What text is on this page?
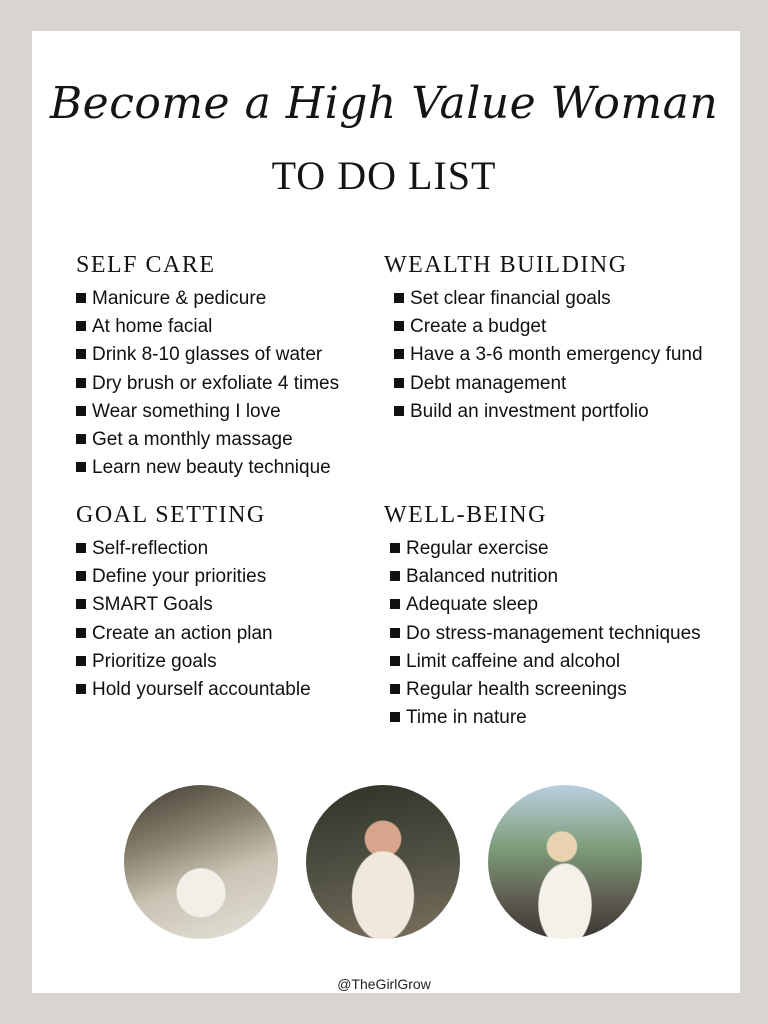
Become a High Value Woman
TO DO LIST
SELF CARE
Manicure & pedicure
At home facial
Drink 8-10 glasses of water
Dry brush or exfoliate 4 times
Wear something I love
Get a monthly massage
Learn new beauty technique
WEALTH BUILDING
Set clear financial goals
Create a budget
Have a 3-6 month emergency fund
Debt management
Build an investment portfolio
GOAL SETTING
Self-reflection
Define your priorities
SMART Goals
Create an action plan
Prioritize goals
Hold yourself accountable
WELL-BEING
Regular exercise
Balanced nutrition
Adequate sleep
Do stress-management techniques
Limit caffeine and alcohol
Regular health screenings
Time in nature
@TheGirlGrow
